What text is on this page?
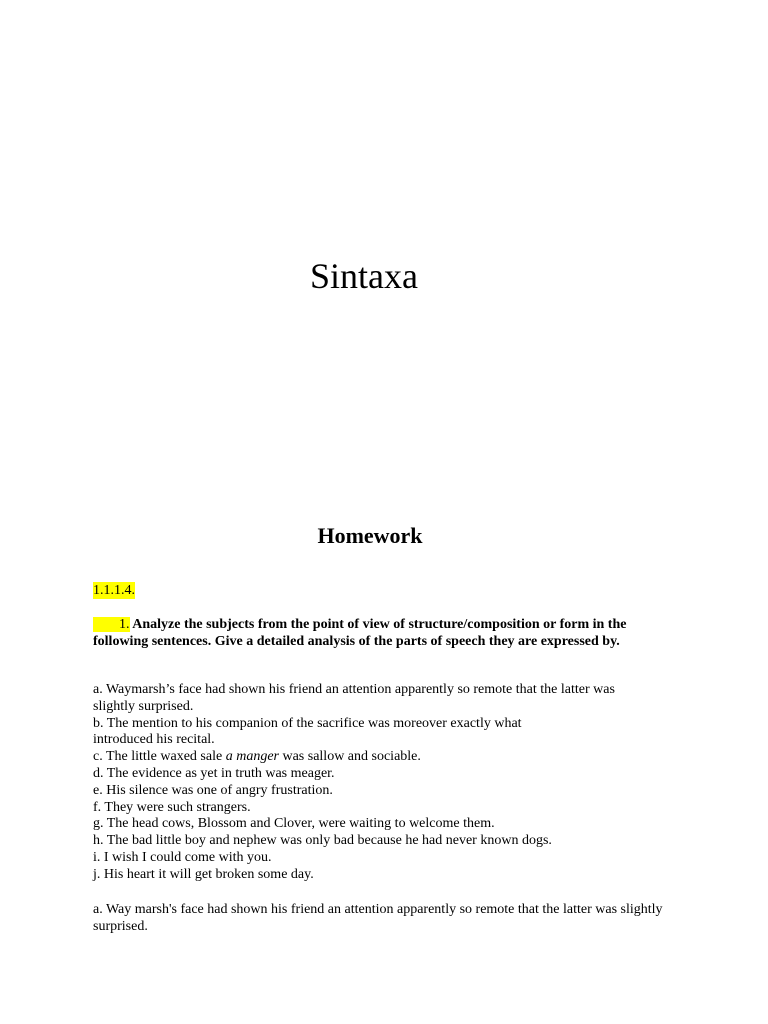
Sintaxa
Homework
1.1.1.4.

1. Analyze the subjects from the point of view of structure/composition or form in the following sentences. Give a detailed analysis of the parts of speech they are expressed by.

a. Waymarsh’s face had shown his friend an attention apparently so remote that the latter was slightly surprised.
b. The mention to his companion of the sacrifice was moreover exactly what introduced his recital.
c. The little waxed sale a manger was sallow and sociable.
d. The evidence as yet in truth was meager.
e. His silence was one of angry frustration.
f. They were such strangers.
g. The head cows, Blossom and Clover, were waiting to welcome them.
h. The bad little boy and nephew was only bad because he had never known dogs.
i. I wish I could come with you.
j. His heart it will get broken some day.

a. Way marsh's face had shown his friend an attention apparently so remote that the latter was slightly surprised.
